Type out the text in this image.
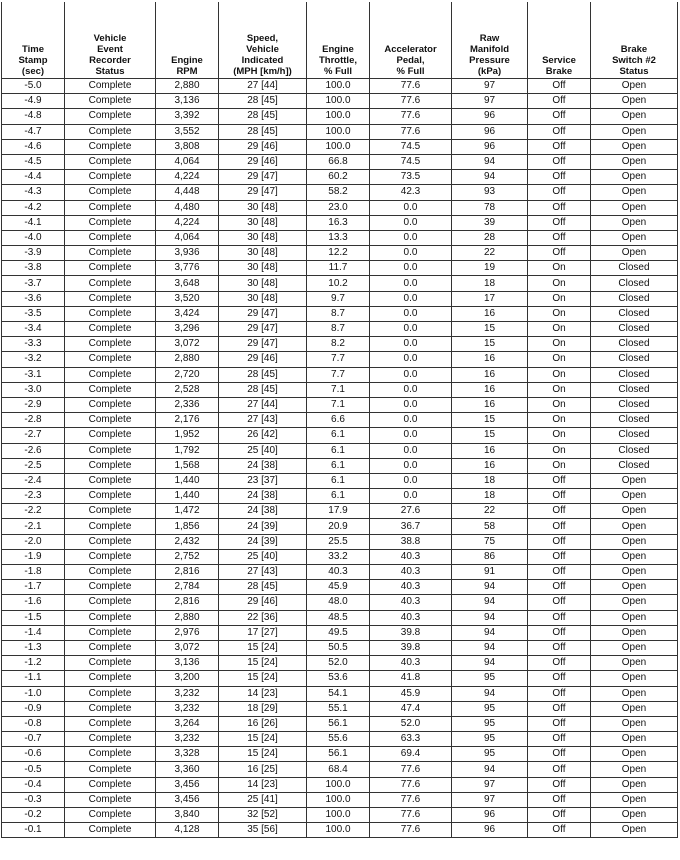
Time
Stamp
(sec)	Vehicle
Event
Recorder
Status	Engine
RPM	Speed,
Vehicle
Indicated
(MPH [km/h])	Engine
Throttle,
% Full	Accelerator
Pedal,
% Full	Raw
Manifold
Pressure
(kPa)	Service
Brake	Brake
Switch #2
Status

-5.0	Complete	2,880	27 [44]	100.0	77.6	97	Off	Open
-4.9	Complete	3,136	28 [45]	100.0	77.6	97	Off	Open
-4.8	Complete	3,392	28 [45]	100.0	77.6	96	Off	Open
-4.7	Complete	3,552	28 [45]	100.0	77.6	96	Off	Open
-4.6	Complete	3,808	29 [46]	100.0	74.5	96	Off	Open
-4.5	Complete	4,064	29 [46]	66.8	74.5	94	Off	Open
-4.4	Complete	4,224	29 [47]	60.2	73.5	94	Off	Open
-4.3	Complete	4,448	29 [47]	58.2	42.3	93	Off	Open
-4.2	Complete	4,480	30 [48]	23.0	0.0	78	Off	Open
-4.1	Complete	4,224	30 [48]	16.3	0.0	39	Off	Open
-4.0	Complete	4,064	30 [48]	13.3	0.0	28	Off	Open
-3.9	Complete	3,936	30 [48]	12.2	0.0	22	Off	Open
-3.8	Complete	3,776	30 [48]	11.7	0.0	19	On	Closed
-3.7	Complete	3,648	30 [48]	10.2	0.0	18	On	Closed
-3.6	Complete	3,520	30 [48]	9.7	0.0	17	On	Closed
-3.5	Complete	3,424	29 [47]	8.7	0.0	16	On	Closed
-3.4	Complete	3,296	29 [47]	8.7	0.0	15	On	Closed
-3.3	Complete	3,072	29 [47]	8.2	0.0	15	On	Closed
-3.2	Complete	2,880	29 [46]	7.7	0.0	16	On	Closed
-3.1	Complete	2,720	28 [45]	7.7	0.0	16	On	Closed
-3.0	Complete	2,528	28 [45]	7.1	0.0	16	On	Closed
-2.9	Complete	2,336	27 [44]	7.1	0.0	16	On	Closed
-2.8	Complete	2,176	27 [43]	6.6	0.0	15	On	Closed
-2.7	Complete	1,952	26 [42]	6.1	0.0	15	On	Closed
-2.6	Complete	1,792	25 [40]	6.1	0.0	16	On	Closed
-2.5	Complete	1,568	24 [38]	6.1	0.0	16	On	Closed
-2.4	Complete	1,440	23 [37]	6.1	0.0	18	Off	Open
-2.3	Complete	1,440	24 [38]	6.1	0.0	18	Off	Open
-2.2	Complete	1,472	24 [38]	17.9	27.6	22	Off	Open
-2.1	Complete	1,856	24 [39]	20.9	36.7	58	Off	Open
-2.0	Complete	2,432	24 [39]	25.5	38.8	75	Off	Open
-1.9	Complete	2,752	25 [40]	33.2	40.3	86	Off	Open
-1.8	Complete	2,816	27 [43]	40.3	40.3	91	Off	Open
-1.7	Complete	2,784	28 [45]	45.9	40.3	94	Off	Open
-1.6	Complete	2,816	29 [46]	48.0	40.3	94	Off	Open
-1.5	Complete	2,880	22 [36]	48.5	40.3	94	Off	Open
-1.4	Complete	2,976	17 [27]	49.5	39.8	94	Off	Open
-1.3	Complete	3,072	15 [24]	50.5	39.8	94	Off	Open
-1.2	Complete	3,136	15 [24]	52.0	40.3	94	Off	Open
-1.1	Complete	3,200	15 [24]	53.6	41.8	95	Off	Open
-1.0	Complete	3,232	14 [23]	54.1	45.9	94	Off	Open
-0.9	Complete	3,232	18 [29]	55.1	47.4	95	Off	Open
-0.8	Complete	3,264	16 [26]	56.1	52.0	95	Off	Open
-0.7	Complete	3,232	15 [24]	55.6	63.3	95	Off	Open
-0.6	Complete	3,328	15 [24]	56.1	69.4	95	Off	Open
-0.5	Complete	3,360	16 [25]	68.4	77.6	94	Off	Open
-0.4	Complete	3,456	14 [23]	100.0	77.6	97	Off	Open
-0.3	Complete	3,456	25 [41]	100.0	77.6	97	Off	Open
-0.2	Complete	3,840	32 [52]	100.0	77.6	96	Off	Open
-0.1	Complete	4,128	35 [56]	100.0	77.6	96	Off	Open
